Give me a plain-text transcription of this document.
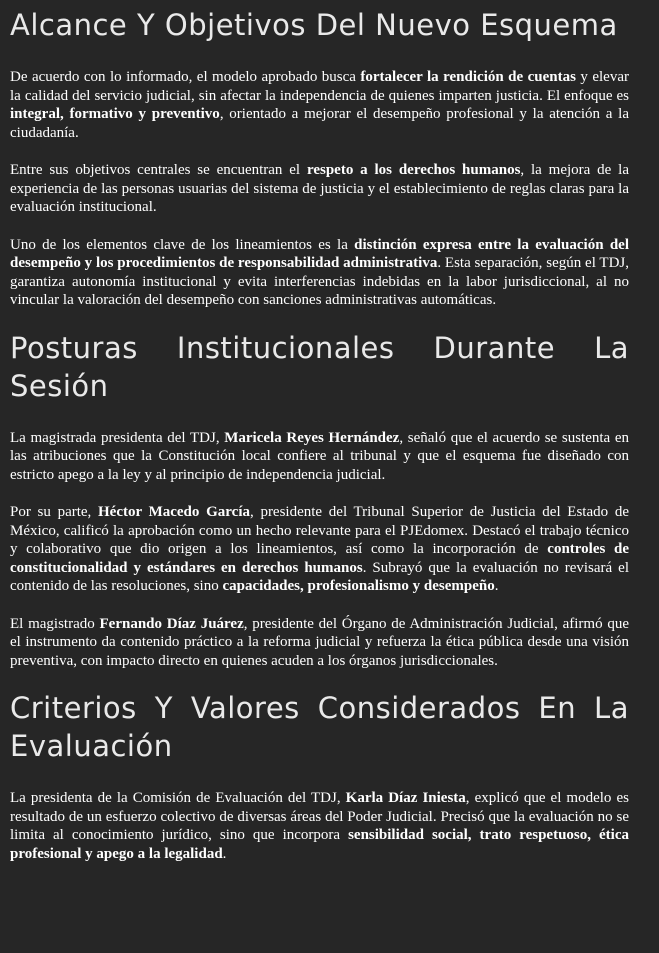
Alcance Y Objetivos Del Nuevo Esquema

De acuerdo con lo informado, el modelo aprobado busca fortalecer la rendición de cuentas y elevar la calidad del servicio judicial, sin afectar la independencia de quienes imparten justicia. El enfoque es integral, formativo y preventivo, orientado a mejorar el desempeño profesional y la atención a la ciudadanía.

Entre sus objetivos centrales se encuentran el respeto a los derechos humanos, la mejora de la experiencia de las personas usuarias del sistema de justicia y el establecimiento de reglas claras para la evaluación institucional.

Uno de los elementos clave de los lineamientos es la distinción expresa entre la evaluación del desempeño y los procedimientos de responsabilidad administrativa. Esta separación, según el TDJ, garantiza autonomía institucional y evita interferencias indebidas en la labor jurisdiccional, al no vincular la valoración del desempeño con sanciones administrativas automáticas.

Posturas Institucionales Durante La Sesión

La magistrada presidenta del TDJ, Maricela Reyes Hernández, señaló que el acuerdo se sustenta en las atribuciones que la Constitución local confiere al tribunal y que el esquema fue diseñado con estricto apego a la ley y al principio de independencia judicial.

Por su parte, Héctor Macedo García, presidente del Tribunal Superior de Justicia del Estado de México, calificó la aprobación como un hecho relevante para el PJEdomex. Destacó el trabajo técnico y colaborativo que dio origen a los lineamientos, así como la incorporación de controles de constitucionalidad y estándares en derechos humanos. Subrayó que la evaluación no revisará el contenido de las resoluciones, sino capacidades, profesionalismo y desempeño.

El magistrado Fernando Díaz Juárez, presidente del Órgano de Administración Judicial, afirmó que el instrumento da contenido práctico a la reforma judicial y refuerza la ética pública desde una visión preventiva, con impacto directo en quienes acuden a los órganos jurisdiccionales.

Criterios Y Valores Considerados En La Evaluación

La presidenta de la Comisión de Evaluación del TDJ, Karla Díaz Iniesta, explicó que el modelo es resultado de un esfuerzo colectivo de diversas áreas del Poder Judicial. Precisó que la evaluación no se limita al conocimiento jurídico, sino que incorpora sensibilidad social, trato respetuoso, ética profesional y apego a la legalidad.
